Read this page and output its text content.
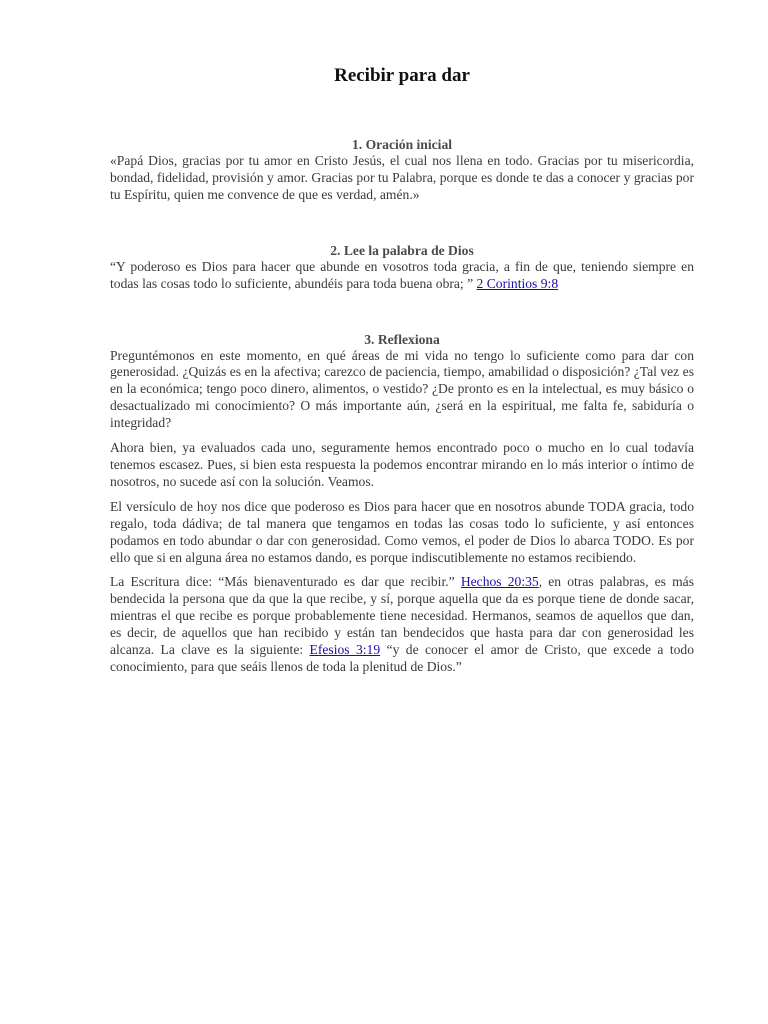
Recibir para dar
1. Oración inicial

«Papá Dios, gracias por tu amor en Cristo Jesús, el cual nos llena en todo. Gracias por tu misericordia, bondad, fidelidad, provisión y amor. Gracias por tu Palabra, porque es donde te das a conocer y gracias por tu Espíritu, quien me convence de que es verdad, amén.»

2. Lee la palabra de Dios

“Y poderoso es Dios para hacer que abunde en vosotros toda gracia, a fin de que, teniendo siempre en todas las cosas todo lo suficiente, abundéis para toda buena obra; ” 2 Corintios 9:8

3. Reflexiona

Preguntémonos en este momento, en qué áreas de mi vida no tengo lo suficiente como para dar con generosidad. ¿Quizás es en la afectiva; carezco de paciencia, tiempo, amabilidad o disposición? ¿Tal vez es en la económica; tengo poco dinero, alimentos, o vestido? ¿De pronto es en la intelectual, es muy básico o desactualizado mi conocimiento? O más importante aún, ¿será en la espiritual, me falta fe, sabiduría o integridad?

Ahora bien, ya evaluados cada uno, seguramente hemos encontrado poco o mucho en lo cual todavía tenemos escasez. Pues, si bien esta respuesta la podemos encontrar mirando en lo más interior o íntimo de nosotros, no sucede así con la solución. Veamos.

El versículo de hoy nos dice que poderoso es Dios para hacer que en nosotros abunde TODA gracia, todo regalo, toda dádiva; de tal manera que tengamos en todas las cosas todo lo suficiente, y así entonces podamos en todo abundar o dar con generosidad. Como vemos, el poder de Dios lo abarca TODO. Es por ello que si en alguna área no estamos dando, es porque indiscutiblemente no estamos recibiendo.

La Escritura dice: “Más bienaventurado es dar que recibir.” Hechos 20:35, en otras palabras, es más bendecida la persona que da que la que recibe, y sí, porque aquella que da es porque tiene de donde sacar, mientras el que recibe es porque probablemente tiene necesidad. Hermanos, seamos de aquellos que dan, es decir, de aquellos que han recibido y están tan bendecidos que hasta para dar con generosidad les alcanza. La clave es la siguiente: Efesios 3:19 “y de conocer el amor de Cristo, que excede a todo conocimiento, para que seáis llenos de toda la plenitud de Dios.”
